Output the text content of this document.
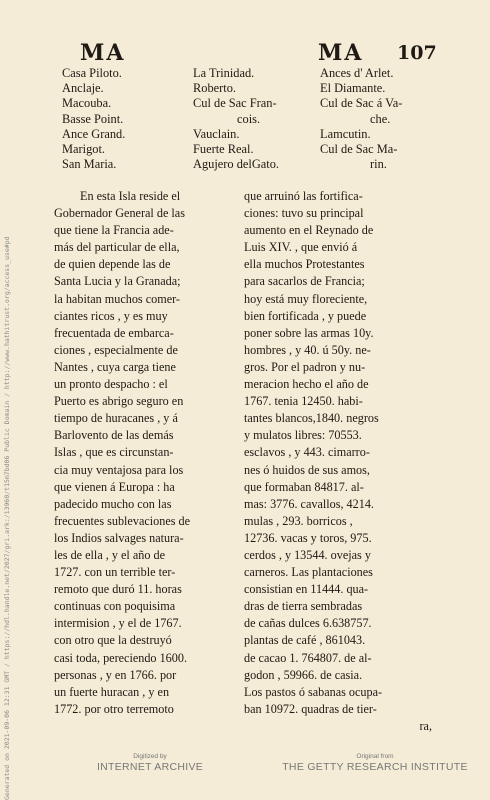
Generated on 2021-09-06 12:31 GMT / https://hdl.handle.net/2027/gri.ark:/13960/t15m7bd06 Public Domain / http://www.hathitrust.org/access_use#pd
MA	MA 107
Casa Piloto.
Anclaje.
Macouba.
Basse Point.
Ance Grand.
Marigot.
San Maria.
La Trinidad.
Roberto.
Cul de Sac Fran-
cois.
Vauclain.
Fuerte Real.
Agujero delGato.
Ances d' Arlet.
El Diamante.
Cul de Sac á Va-
che.
Lamcutin.
Cul de Sac Ma-
rin.
En esta Isla reside el
Gobernador General de las
que tiene la Francia ade-
más del particular de ella,
de quien depende las de
Santa Lucia y la Granada;
la habitan muchos comer-
ciantes ricos , y es muy
frecuentada de embarca-
ciones , especialmente de
Nantes , cuya carga tiene
un pronto despacho : el
Puerto es abrigo seguro en
tiempo de huracanes , y á
Barlovento de las demás
Islas , que es circunstan-
cia muy ventajosa para los
que vienen á Europa : ha
padecido mucho con las
frecuentes sublevaciones de
los Indios salvages natura-
les de ella , y el año de
1727. con un terrible ter-
remoto que duró 11. horas
continuas con poquisima
intermision , y el de 1767.
con otro que la destruyó
casi toda, pereciendo 1600.
personas , y en 1766. por
un fuerte huracan , y en
1772. por otro terremoto
que arruinó las fortifica-
ciones: tuvo su principal
aumento en el Reynado de
Luis XIV. , que envió á
ella muchos Protestantes
para sacarlos de Francia;
hoy está muy floreciente,
bien fortificada , y puede
poner sobre las armas 10y.
hombres , y 40. ú 50y. ne-
gros. Por el padron y nu-
meracion hecho el año de
1767. tenia 12450. habi-
tantes blancos,1840. negros
y mulatos libres: 70553.
esclavos , y 443. cimarro-
nes ó huidos de sus amos,
que formaban 84817. al-
mas: 3776. cavallos, 4214.
mulas , 293. borricos ,
12736. vacas y toros, 975.
cerdos , y 13544. ovejas y
carneros. Las plantaciones
consistian en 11444. qua-
dras de tierra sembradas
de cañas dulces 6.638757.
plantas de café , 861043.
de cacao 1. 764807. de al-
godon , 59966. de casia.
Los pastos ó sabanas ocupa-
ban 10972. quadras de tier-
ra,
Digitized by
INTERNET ARCHIVE
Original from
THE GETTY RESEARCH INSTITUTE
